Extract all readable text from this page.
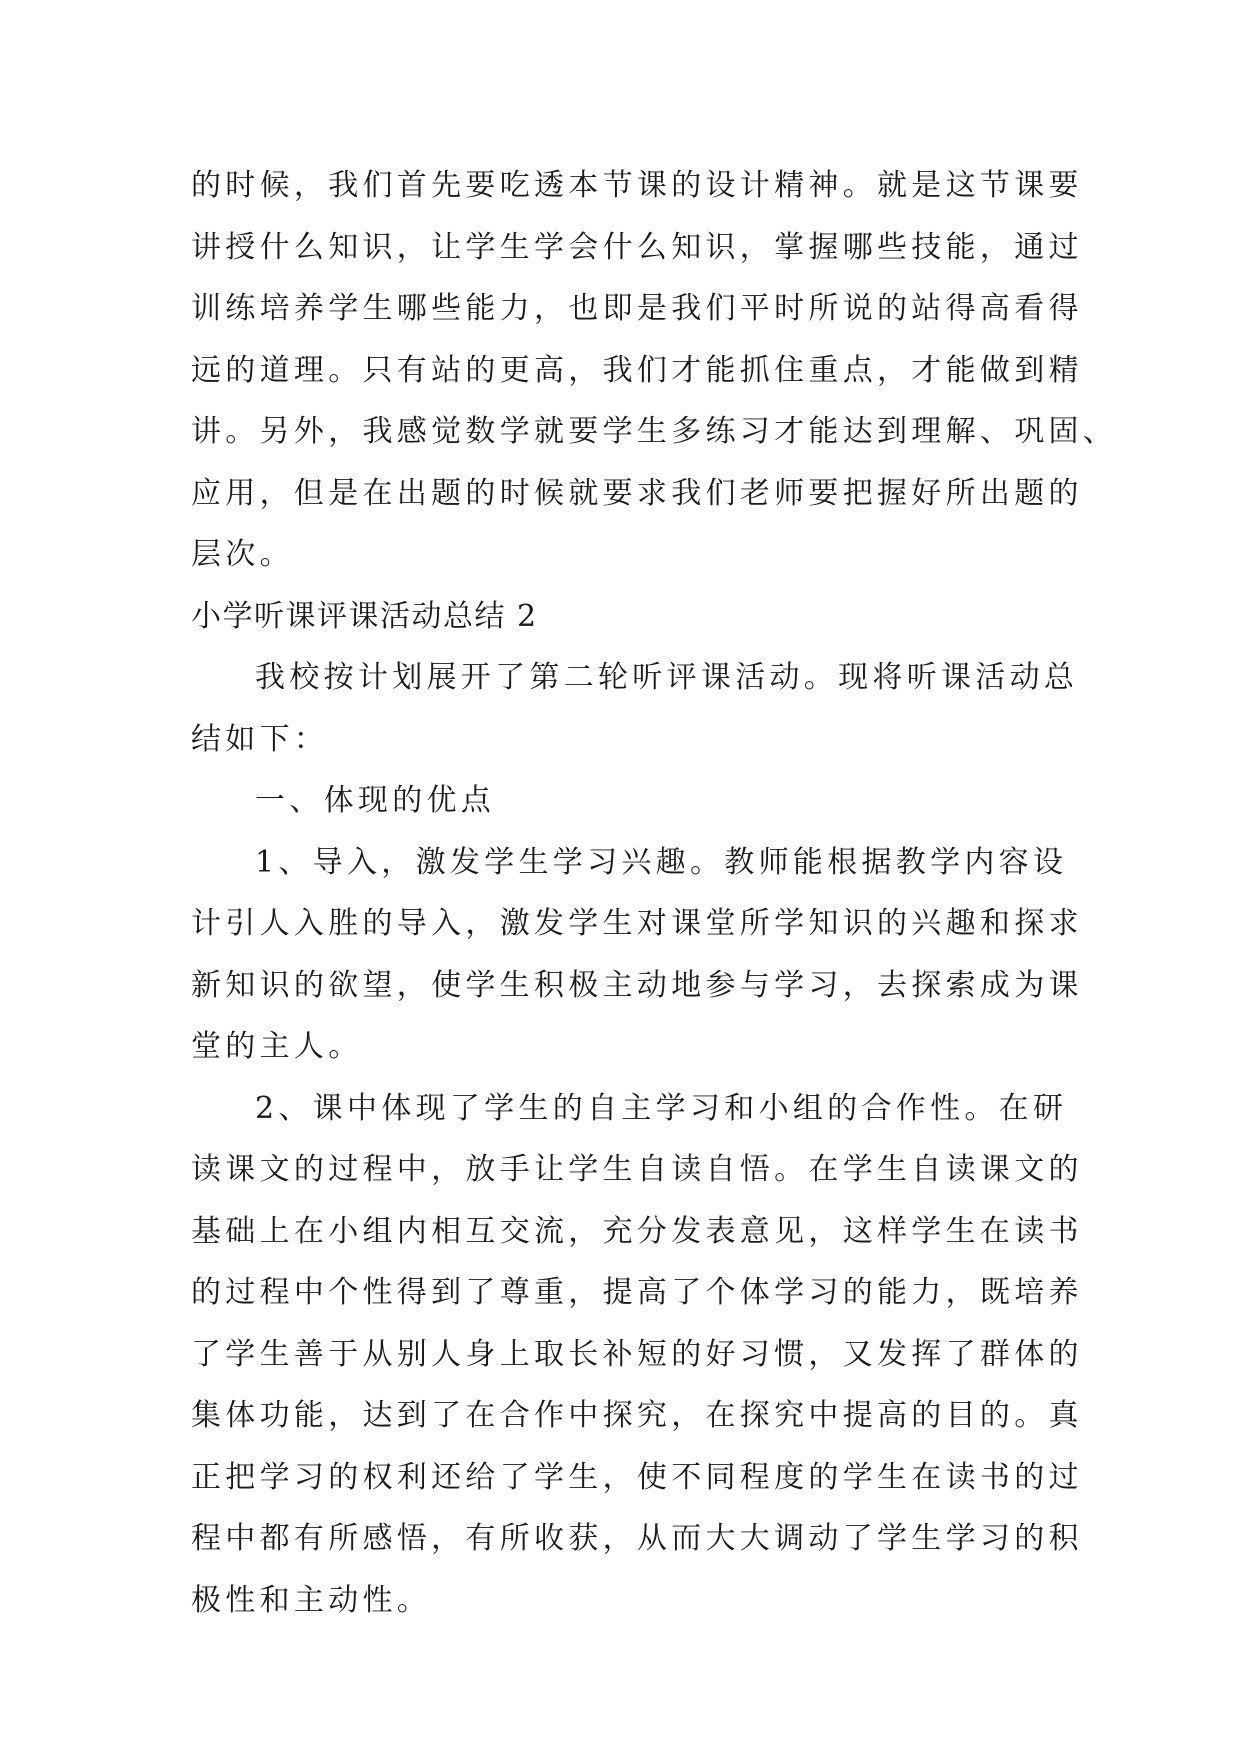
的时候，我们首先要吃透本节课的设计精神。就是这节课要
讲授什么知识，让学生学会什么知识，掌握哪些技能，通过
训练培养学生哪些能力，也即是我们平时所说的站得高看得
远的道理。只有站的更高，我们才能抓住重点，才能做到精
讲。另外，我感觉数学就要学生多练习才能达到理解、巩固、
应用，但是在出题的时候就要求我们老师要把握好所出题的
层次。
小学听课评课活动总结 2
我校按计划展开了第二轮听评课活动。现将听课活动总
结如下：
一、体现的优点
1、导入，激发学生学习兴趣。教师能根据教学内容设
计引人入胜的导入，激发学生对课堂所学知识的兴趣和探求
新知识的欲望，使学生积极主动地参与学习，去探索成为课
堂的主人。
2、课中体现了学生的自主学习和小组的合作性。在研
读课文的过程中，放手让学生自读自悟。在学生自读课文的
基础上在小组内相互交流，充分发表意见，这样学生在读书
的过程中个性得到了尊重，提高了个体学习的能力，既培养
了学生善于从别人身上取长补短的好习惯，又发挥了群体的
集体功能，达到了在合作中探究，在探究中提高的目的。真
正把学习的权利还给了学生，使不同程度的学生在读书的过
程中都有所感悟，有所收获，从而大大调动了学生学习的积
极性和主动性。
